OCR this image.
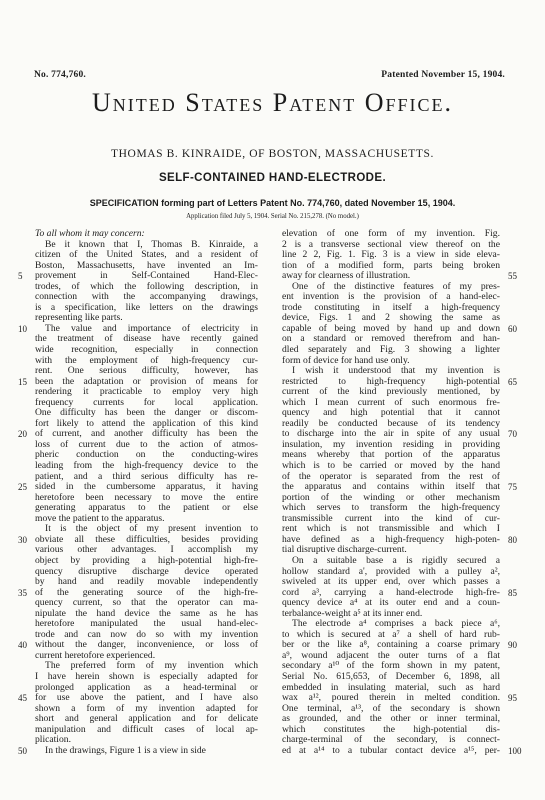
No. 774,760.	Patented November 15, 1904.
United States Patent Office.
THOMAS B. KINRAIDE, OF BOSTON, MASSACHUSETTS.
SELF-CONTAINED HAND-ELECTRODE.
SPECIFICATION forming part of Letters Patent No. 774,760, dated November 15, 1904.
Application filed July 5, 1904. Serial No. 215,278. (No model.)
To all whom it may concern:
Be it known that I, Thomas B. Kinraide, a
citizen of the United States, and a resident of
Boston, Massachusetts, have invented an Im-
provement in Self-Contained Hand-Elec-
trodes, of which the following description, in
connection with the accompanying drawings,
is a specification, like letters on the drawings
representing like parts.
The value and importance of electricity in
the treatment of disease have recently gained
wide recognition, especially in connection
with the employment of high-frequency cur-
rent. One serious difficulty, however, has
been the adaptation or provision of means for
rendering it practicable to employ very high
frequency currents for local application.
One difficulty has been the danger or discom-
fort likely to attend the application of this kind
of current, and another difficulty has been the
loss of current due to the action of atmos-
pheric conduction on the conducting-wires
leading from the high-frequency device to the
patient, and a third serious difficulty has re-
sided in the cumbersome apparatus, it having
heretofore been necessary to move the entire
generating apparatus to the patient or else
move the patient to the apparatus.
It is the object of my present invention to
obviate all these difficulties, besides providing
various other advantages. I accomplish my
object by providing a high-potential high-fre-
quency disruptive discharge device operated
by hand and readily movable independently
of the generating source of the high-fre-
quency current, so that the operator can ma-
nipulate the hand device the same as he has
heretofore manipulated the usual hand-elec-
trode and can now do so with my invention
without the danger, inconvenience, or loss of
current heretofore experienced.
The preferred form of my invention which
I have herein shown is especially adapted for
prolonged application as a head-terminal or
for use above the patient, and I have also
shown a form of my invention adapted for
short and general application and for delicate
manipulation and difficult cases of local ap-
plication.
In the drawings, Figure 1 is a view in side
elevation of one form of my invention. Fig.
2 is a transverse sectional view thereof on the
line 2 2, Fig. 1. Fig. 3 is a view in side eleva-
tion of a modified form, parts being broken
away for clearness of illustration.
One of the distinctive features of my pres-
ent invention is the provision of a hand-elec-
trode constituting in itself a high-frequency
device, Figs. 1 and 2 showing the same as
capable of being moved by hand up and down
on a standard or removed therefrom and han-
dled separately and Fig. 3 showing a lighter
form of device for hand use only.
I wish it understood that my invention is
restricted to high-frequency high-potential
current of the kind previously mentioned, by
which I mean current of such enormous fre-
quency and high potential that it cannot
readily be conducted because of its tendency
to discharge into the air in spite of any usual
insulation, my invention residing in providing
means whereby that portion of the apparatus
which is to be carried or moved by the hand
of the operator is separated from the rest of
the apparatus and contains within itself that
portion of the winding or other mechanism
which serves to transform the high-frequency
transmissible current into the kind of cur-
rent which is not transmissible and which I
have defined as a high-frequency high-poten-
tial disruptive discharge-current.
On a suitable base a is rigidly secured a
hollow standard a', provided with a pulley a²,
swiveled at its upper end, over which passes a
cord a³, carrying a hand-electrode high-fre-
quency device a⁴ at its outer end and a coun-
terbalance-weight a⁵ at its inner end.
The electrode a⁴ comprises a back piece a⁶,
to which is secured at a⁷ a shell of hard rub-
ber or the like a⁸, containing a coarse primary
a⁹, wound adjacent the outer turns of a flat
secondary a¹⁰ of the form shown in my patent,
Serial No. 615,653, of December 6, 1898, all
embedded in insulating material, such as hard
wax a¹², poured therein in melted condition.
One terminal, a¹³, of the secondary is shown
as grounded, and the other or inner terminal,
which constitutes the high-potential dis-
charge-terminal of the secondary, is connect-
ed at a¹⁴ to a tubular contact device a¹⁵, per-
5
10
15
20
25
30
35
40
45
50
55
60
65
70
75
80
85
90
95
100
